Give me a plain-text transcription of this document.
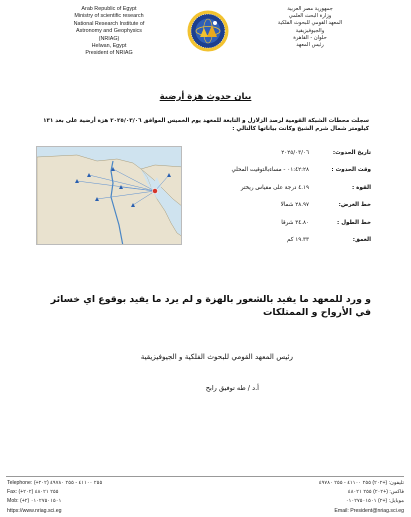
Arab Republic of Egypt
Ministry of scientific research
National Research Institute of
Astronomy and Geophysics
(NRIAG)
Helwan, Egypt
President of NRIAG
جمهورية مصر العربية
وزارة البحث العلمي
المعهد القومي للبحوث الفلكية
والجيوفيزيقية
حلوان - القاهرة
رئيس المعهد
بيان حدوث هزة أرضية
سجلت محطات الشبكة القومية لرصد الزلازل و التابعة للمعهد يوم الخميس الموافق ٢٠٢٥/٠٣/٠٦ هزة أرضية على بعد ١٣١ كيلومتر شمال شرم الشيخ وكانت بياناتها كالتالي :
تاريخ الحدوث:
٢٠٢٥/٠٣/٠٦
وقت الحدوث :
٠١:٤٢:٢٨ - مساءبالتوقيت المحلي
القوة :
٤.١٩ درجة على مقياس ريختر
خط العرض:
٢٨.٩٧ شمالا
خط الطول :
٣٤.٨٠ شرقا
العمق:
١٩.٣٣ كم
و ورد للمعهد ما يفيد بالشعور بالهزة و لم يرد ما يفيد بوقوع اي خسائر في الأرواح و الممتلكات
رئيس المعهد القومي للبحوث الفلكية و الجيوفيزيقية
أ.د / طه توفيق رابح
Telephone: (+٢٠٢) ٢٥٥ ٤١١٠٠ - ٢٥٥ ٤٩٧٨٠
Fax: (+٢٠٢) ٢٥٥ ٤٨٠٢١
Mob: (+٢) ٠١٠٢٧٥٠١٥٠١
https://www.nriag.sci.eg
تليفون: (+٢٠٢) ٢٥٥ ٤١١٠٠ - ٢٥٥ ٤٩٧٨٠
فاكس: (+٢٠٢) ٢٥٥ ٤٨٠٢١
موبايل: (+٢) ٠١٠٢٧٥٠١٥٠١
Email: President@nriag.sci.eg
